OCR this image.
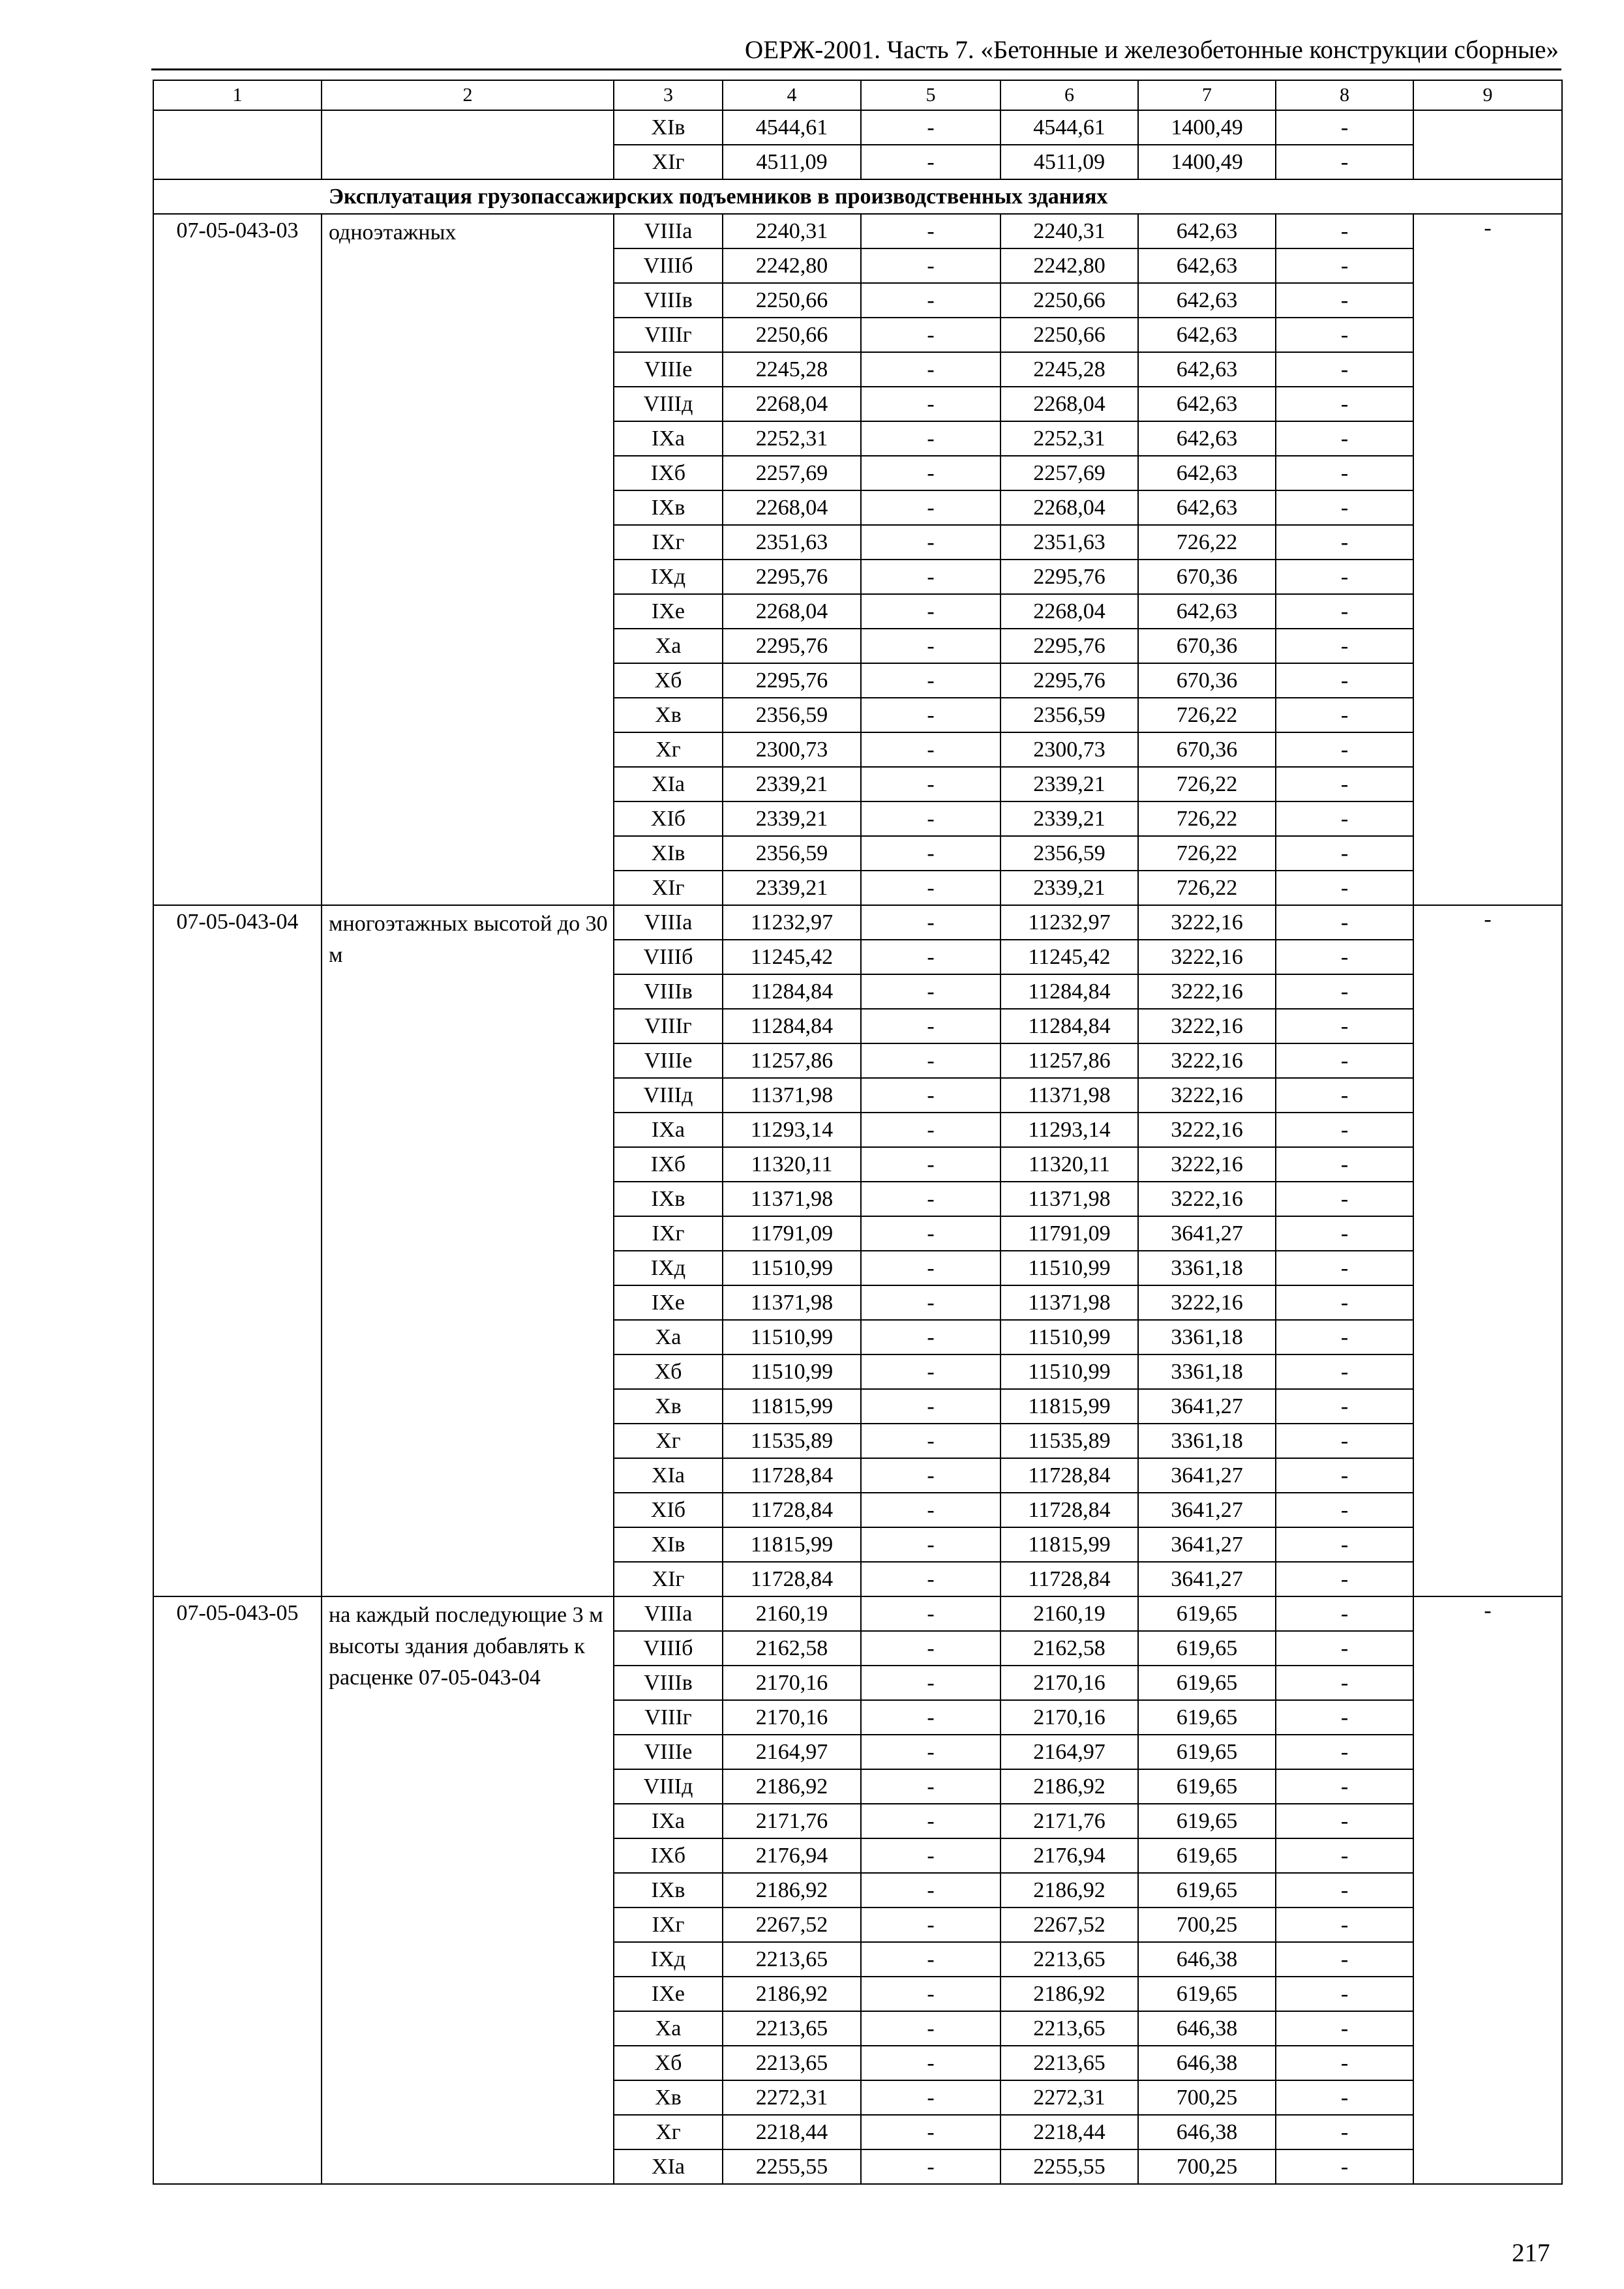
ОЕРЖ-2001. Часть 7. «Бетонные и железобетонные конструкции сборные»
1	2	3	4	5	6	7	8	9
		XIв	4544,61	-	4544,61	1400,49	-	
		XIг	4511,09	-	4511,09	1400,49	-	
Эксплуатация грузопассажирских подъемников в производственных зданиях								
07-05-043-03	одноэтажных	VIIIа	2240,31	-	2240,31	642,63	-	-
		VIIIб	2242,80	-	2242,80	642,63	-	
		VIIIв	2250,66	-	2250,66	642,63	-	
		VIIIг	2250,66	-	2250,66	642,63	-	
		VIIIе	2245,28	-	2245,28	642,63	-	
		VIIIд	2268,04	-	2268,04	642,63	-	
		IXа	2252,31	-	2252,31	642,63	-	
		IXб	2257,69	-	2257,69	642,63	-	
		IXв	2268,04	-	2268,04	642,63	-	
		IXг	2351,63	-	2351,63	726,22	-	
		IXд	2295,76	-	2295,76	670,36	-	
		IXе	2268,04	-	2268,04	642,63	-	
		Xа	2295,76	-	2295,76	670,36	-	
		Xб	2295,76	-	2295,76	670,36	-	
		Xв	2356,59	-	2356,59	726,22	-	
		Xг	2300,73	-	2300,73	670,36	-	
		XIа	2339,21	-	2339,21	726,22	-	
		XIб	2339,21	-	2339,21	726,22	-	
		XIв	2356,59	-	2356,59	726,22	-	
		XIг	2339,21	-	2339,21	726,22	-	
07-05-043-04	многоэтажных высотой до 30 м	VIIIа	11232,97	-	11232,97	3222,16	-	-
		VIIIб	11245,42	-	11245,42	3222,16	-	
		VIIIв	11284,84	-	11284,84	3222,16	-	
		VIIIг	11284,84	-	11284,84	3222,16	-	
		VIIIе	11257,86	-	11257,86	3222,16	-	
		VIIIд	11371,98	-	11371,98	3222,16	-	
		IXа	11293,14	-	11293,14	3222,16	-	
		IXб	11320,11	-	11320,11	3222,16	-	
		IXв	11371,98	-	11371,98	3222,16	-	
		IXг	11791,09	-	11791,09	3641,27	-	
		IXд	11510,99	-	11510,99	3361,18	-	
		IXе	11371,98	-	11371,98	3222,16	-	
		Xа	11510,99	-	11510,99	3361,18	-	
		Xб	11510,99	-	11510,99	3361,18	-	
		Xв	11815,99	-	11815,99	3641,27	-	
		Xг	11535,89	-	11535,89	3361,18	-	
		XIа	11728,84	-	11728,84	3641,27	-	
		XIб	11728,84	-	11728,84	3641,27	-	
		XIв	11815,99	-	11815,99	3641,27	-	
		XIг	11728,84	-	11728,84	3641,27	-	
07-05-043-05	на каждый последующие 3 м высоты здания добавлять к расценке 07-05-043-04	VIIIа	2160,19	-	2160,19	619,65	-	-
		VIIIб	2162,58	-	2162,58	619,65	-	
		VIIIв	2170,16	-	2170,16	619,65	-	
		VIIIг	2170,16	-	2170,16	619,65	-	
		VIIIе	2164,97	-	2164,97	619,65	-	
		VIIIд	2186,92	-	2186,92	619,65	-	
		IXа	2171,76	-	2171,76	619,65	-	
		IXб	2176,94	-	2176,94	619,65	-	
		IXв	2186,92	-	2186,92	619,65	-	
		IXг	2267,52	-	2267,52	700,25	-	
		IXд	2213,65	-	2213,65	646,38	-	
		IXе	2186,92	-	2186,92	619,65	-	
		Xа	2213,65	-	2213,65	646,38	-	
		Xб	2213,65	-	2213,65	646,38	-	
		Xв	2272,31	-	2272,31	700,25	-	
		Xг	2218,44	-	2218,44	646,38	-	
		XIа	2255,55	-	2255,55	700,25	-	
217
